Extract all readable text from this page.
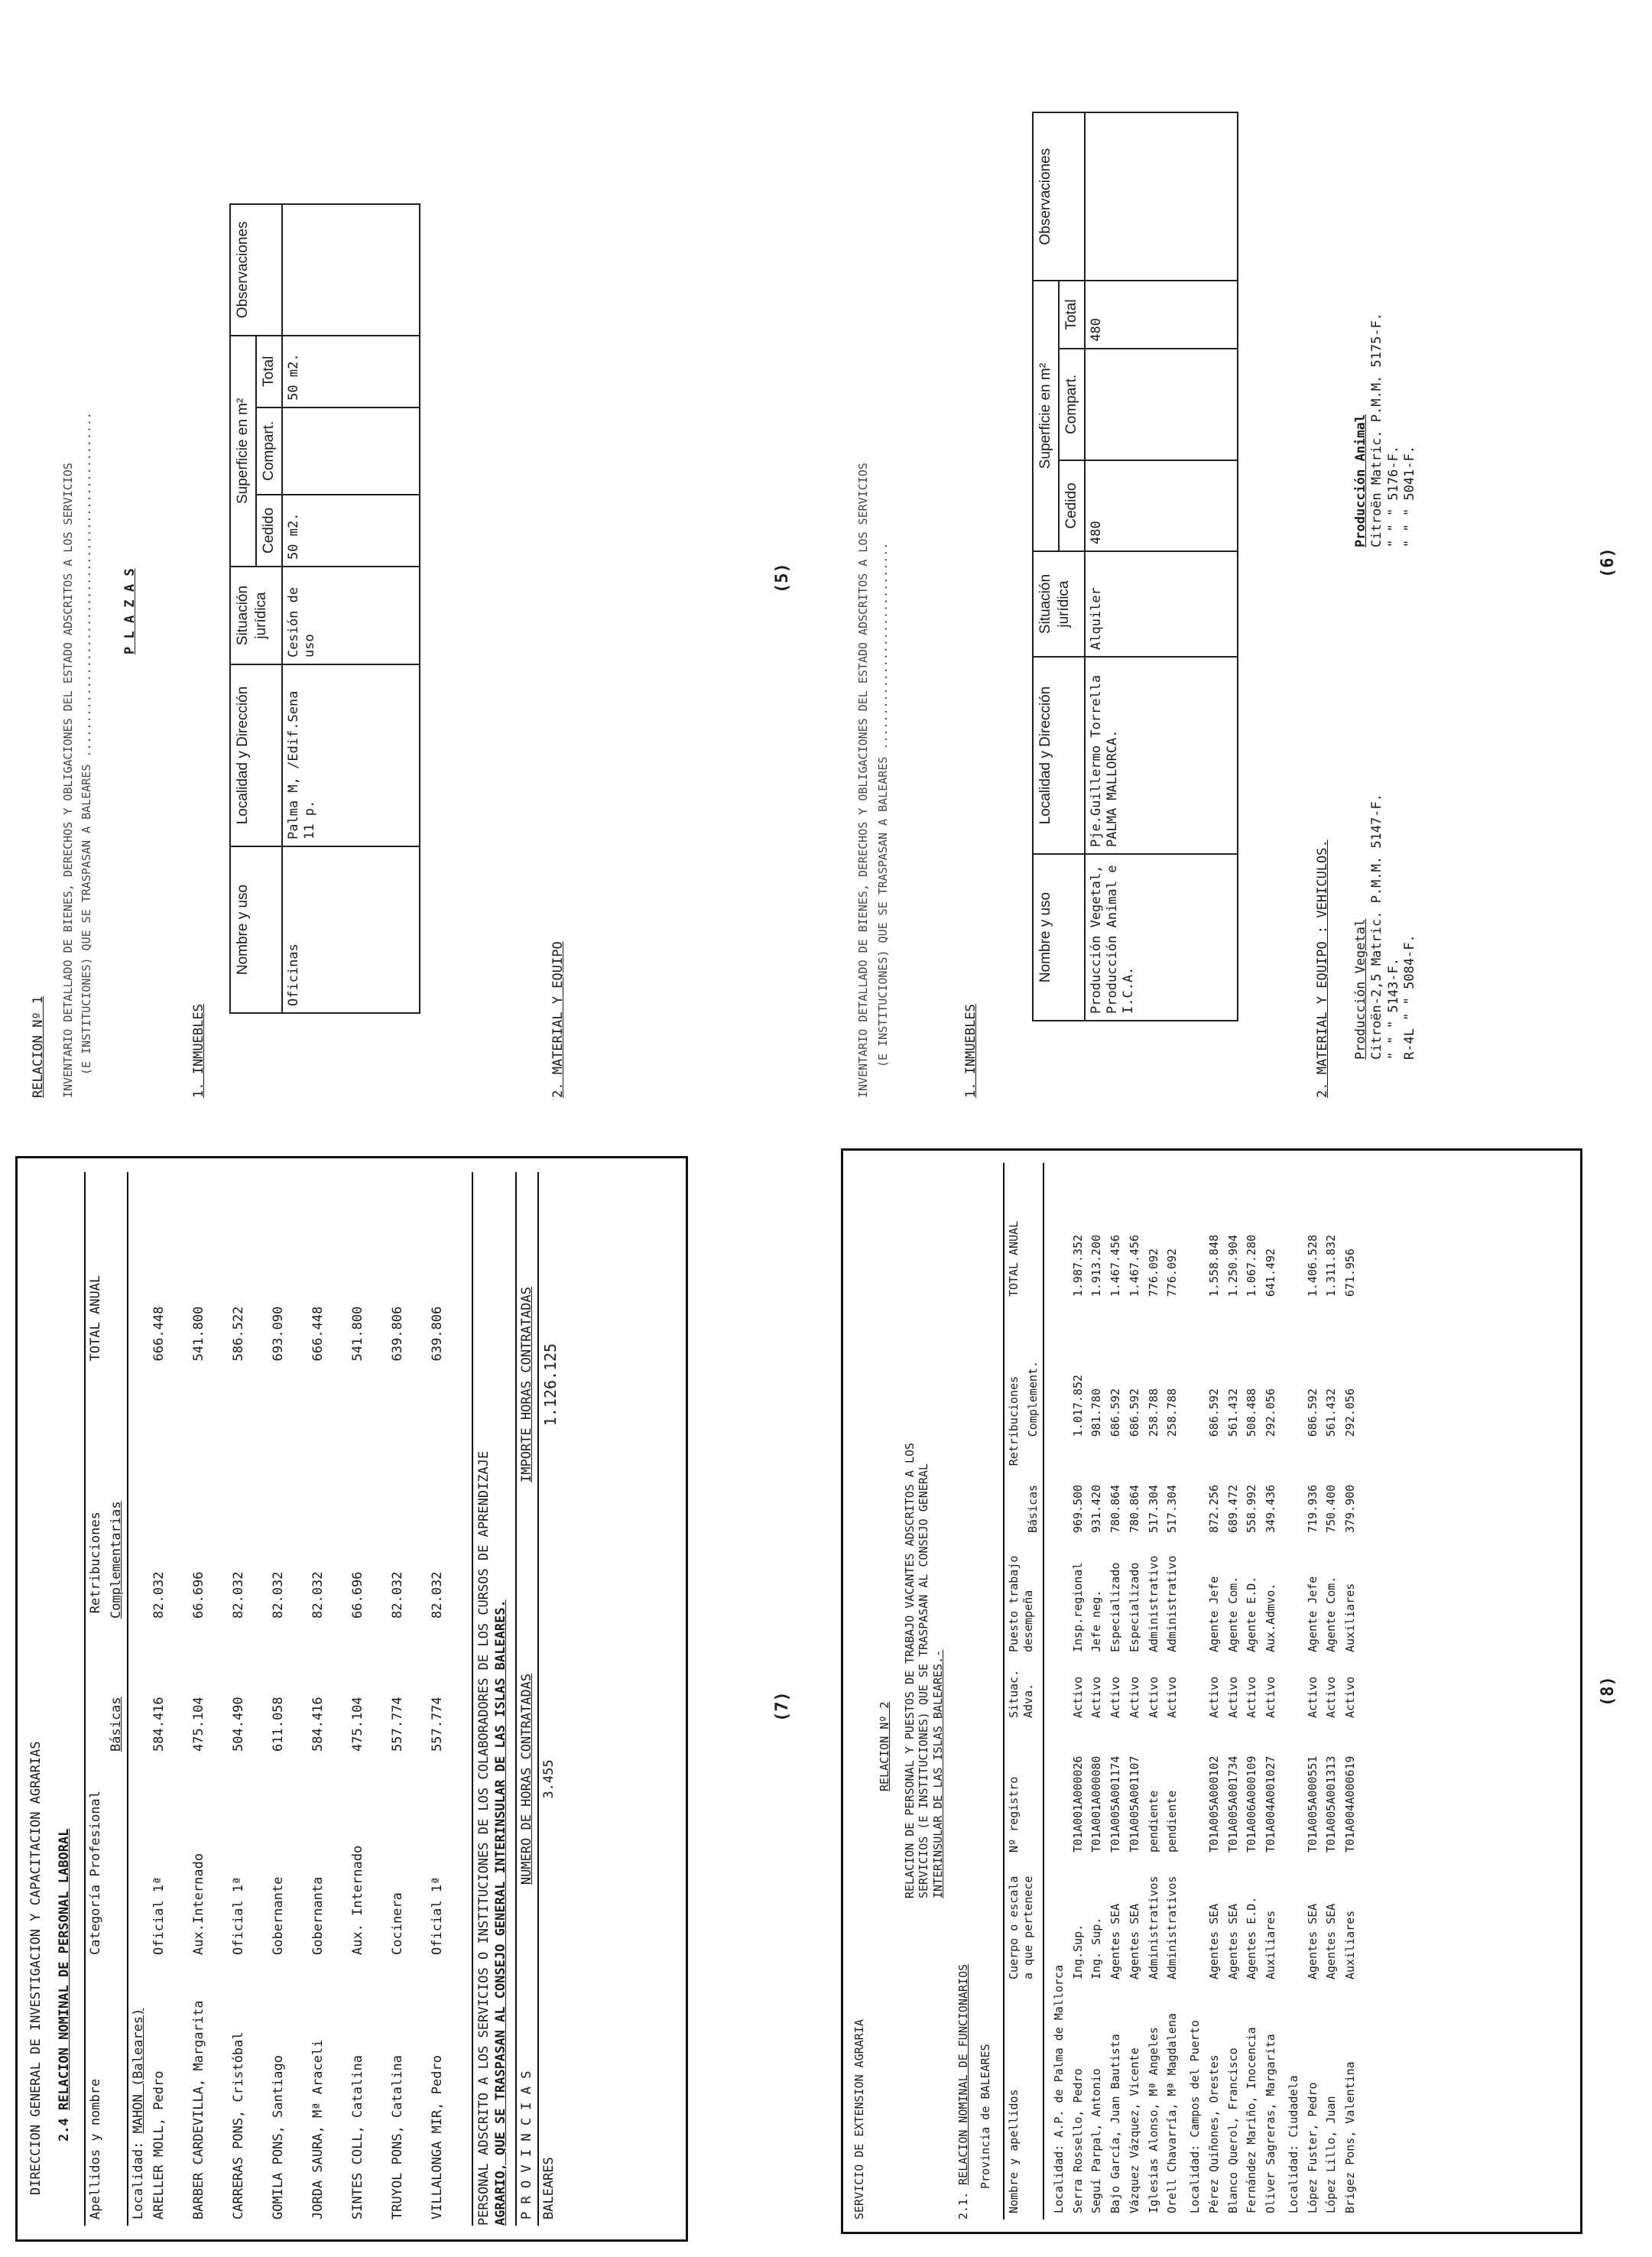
RELACION Nº 1 INVENTARIO DETALLADO DE BIENES, DERECHOS Y OBLIGACIONES DEL ESTADO ADSCRITOS A LOS SERVICIOS (E INSTITUCIONES) QUE SE TRASPASAN A BALEARES .................................................. P L A Z A S
1. INMUEBLES
Nombre y uso	Localidad y Dirección	Situación jurídica	Superficie en m²			Observaciones
			Cedido	Compart.	Total	
Oficinas	Palma M, /Edif.Sena 11 p.	Cesión de uso	50 m2.		50 m2.	
2. MATERIAL Y EQUIPO
(5)	INVENTARIO DETALLADO DE BIENES, DERECHOS Y OBLIGACIONES DEL ESTADO ADSCRITOS A LOS SERVICIOS (E INSTITUCIONES) QUE SE TRASPASAN A BALEARES ..............................	1. INMUEBLES
Nombre y uso	Localidad y Dirección	Situación jurídica	Superficie en m²			Observaciones
			Cedido	Compart.	Total	
Producción Vegetal, Producción Animal e I.C.A.	Pje.Guillermo Torrella PALMA MALLORCA.	Alquiler	480		480	
2. MATERIAL Y EQUIPO : VEHICULOS.
Producción Vegetal Citroën-2,5 Matric. P.M.M. 5147-F. " " " 5143-F. R-4L " " 5084-F.
Producción Animal Citroën Matric. P.M.M. 5175-F. " " " 5176-F. " " " 5041-F.
(6)
DIRECCION GENERAL DE INVESTIGACION Y CAPACITACION AGRARIAS 2.4 RELACION NOMINAL DE PERSONAL LABORAL
Apellidos y nombre	Categoría Profesional	Retribuciones		TOTAL ANUAL
		Básicas	Complementarias	
Localidad: MAHON (Baleares)				
ARELLER MOLL, Pedro	Oficial 1ª	584.416	82.032	666.448
BARBER CARDEVILLA, Margarita	Aux.Internado	475.104	66.696	541.800
CARRERAS PONS, Cristóbal	Oficial 1ª	504.490	82.032	586.522
GOMILA PONS, Santiago	Gobernante	611.058	82.032	693.090
JORDA SAURA, Mª Araceli	Gobernanta	584.416	82.032	666.448
SINTES COLL, Catalina	Aux. Internado	475.104	66.696	541.800
TRUYOL PONS, Catalina	Cocinera	557.774	82.032	639.806
VILLALONGA MIR, Pedro	Oficial 1ª	557.774	82.032	639.806
PERSONAL ADSCRITO A LOS SERVICIOS O INSTITUCIONES DE LOS COLABORADORES DE LOS CURSOS DE APRENDIZAJE AGRARIO, QUE SE TRASPASAN AL CONSEJO GENERAL INTERINSULAR DE LAS ISLAS BALEARES. P R O V I N C I A S	NUMERO DE HORAS CONTRATADAS	IMPORTE HORAS CONTRATADAS
BALEARES	3.455	1.126.125
(7)
SERVICIO DE EXTENSION AGRARIA
RELACION Nº 2 RELACION DE PERSONAL Y PUESTOS DE TRABAJO VACANTES ADSCRITOS A LOS SERVICIOS (E INSTITUCIONES) QUE SE TRASPASAN AL CONSEJO GENERAL INTERINSULAR DE LAS ISLAS BALEARES.-
2.1. RELACION NOMINAL DE FUNCIONARIOS Provincia de BALEARES Nombre y apellidos	Cuerpo o escala a que pertenece	Nº registro	Situac. Adva.	Puesto trabajo desempeña	Retribuciones		TOTAL ANUAL
					Básicas	Complement.	
Localidad: A.P. de Palma de Mallorca							
Serra Rossello, Pedro	Ing.Sup.	T01A001A000026	Activo	Insp.regional	969.500	1.017.852	1.987.352
Seguí Parpal, Antonio	Ing. Sup.	T01A001A000080	Activo	Jefe neg.	931.420	981.780	1.913.200
Bajo García, Juan Bautista	Agentes SEA	T01A005A001174	Activo	Especializado	780.864	686.592	1.467.456
Vázquez Vázquez, Vicente	Agentes SEA	T01A005A001107	Activo	Especializado	780.864	686.592	1.467.456
Iglesias Alonso, Mª Angeles	Administrativos	pendiente	Activo	Administrativo	517.304	258.788	776.092
Orell Chavarría, Mª Magdalena	Administrativos	pendiente	Activo	Administrativo	517.304	258.788	776.092
Localidad: Campos del Puerto							
Pérez Quiñones, Orestes	Agentes SEA	T01A005A000102	Activo	Agente Jefe	872.256	686.592	1.558.848
Blanco Querol, Francisco	Agentes SEA	T01A005A001734	Activo	Agente Com.	689.472	561.432	1.250.904
Fernández Mariño, Inocencia	Agentes E.D.	T01A006A000109	Activo	Agente E.D.	558.992	508.488	1.067.280
Oliver Sagreras, Margarita	Auxiliares	T01A004A001027	Activo	Aux.Admvo.	349.436	292.056	641.492
Localidad: Ciudadela							
López Fuster, Pedro	Agentes SEA	T01A005A000551	Activo	Agente Jefe	719.936	686.592	1.406.528
López Lillo, Juan	Agentes SEA	T01A005A001313	Activo	Agente Com.	750.400	561.432	1.311.832
Brigez Pons, Valentina	Auxiliares	T01A004A000619	Activo	Auxiliares	379.900	292.056	671.956
(8)
